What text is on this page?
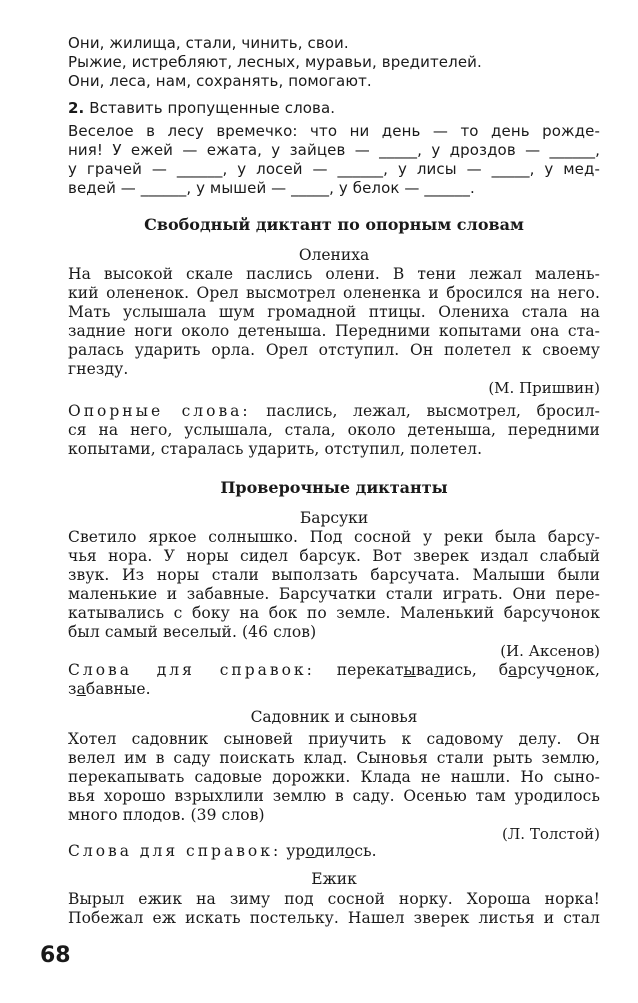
Они, жилища, стали, чинить, свои.
Рыжие, истребляют, лесных, муравьи, вредителей.
Они, леса, нам, сохранять, помогают.
2. Вставить пропущенные слова.
Веселое в лесу времечко: что ни день — то день рожде-
ния! У ежей — ежата, у зайцев — _____, у дроздов — ______,
у грачей — ______, у лосей — ______, у лисы — _____, у мед-
ведей — ______, у мышей — _____, у белок — ______.
Свободный диктант по опорным словам
Олениха
На высокой скале паслись олени. В тени лежал малень-
кий олененок. Орел высмотрел олененка и бросился на него.
Мать услышала шум громадной птицы. Олениха стала на
задние ноги около детеныша. Передними копытами она ста-
ралась ударить орла. Орел отступил. Он полетел к своему
гнезду.
(М. Пришвин)
Опорные слова: паслись, лежал, высмотрел, бросил-
ся на него, услышала, стала, около детеныша, передними
копытами, старалась ударить, отступил, полетел.
Проверочные диктанты
Барсуки
Светило яркое солнышко. Под сосной у реки была барсу-
чья нора. У норы сидел барсук. Вот зверек издал слабый
звук. Из норы стали выползать барсучата. Малыши были
маленькие и забавные. Барсучатки стали играть. Они пере-
катывались с боку на бок по земле. Маленький барсучонок
был самый веселый. (46 слов)
(И. Аксенов)
Слова для справок: перекатывались, барсучонок,
забавные.
Садовник и сыновья
Хотел садовник сыновей приучить к садовому делу. Он
велел им в саду поискать клад. Сыновья стали рыть землю,
перекапывать садовые дорожки. Клада не нашли. Но сыно-
вья хорошо взрыхлили землю в саду. Осенью там уродилось
много плодов. (39 слов)
(Л. Толстой)
Слова для справок: уродилось.
Ежик
Вырыл ежик на зиму под сосной норку. Хороша норка!
Побежал еж искать постельку. Нашел зверек листья и стал
68
